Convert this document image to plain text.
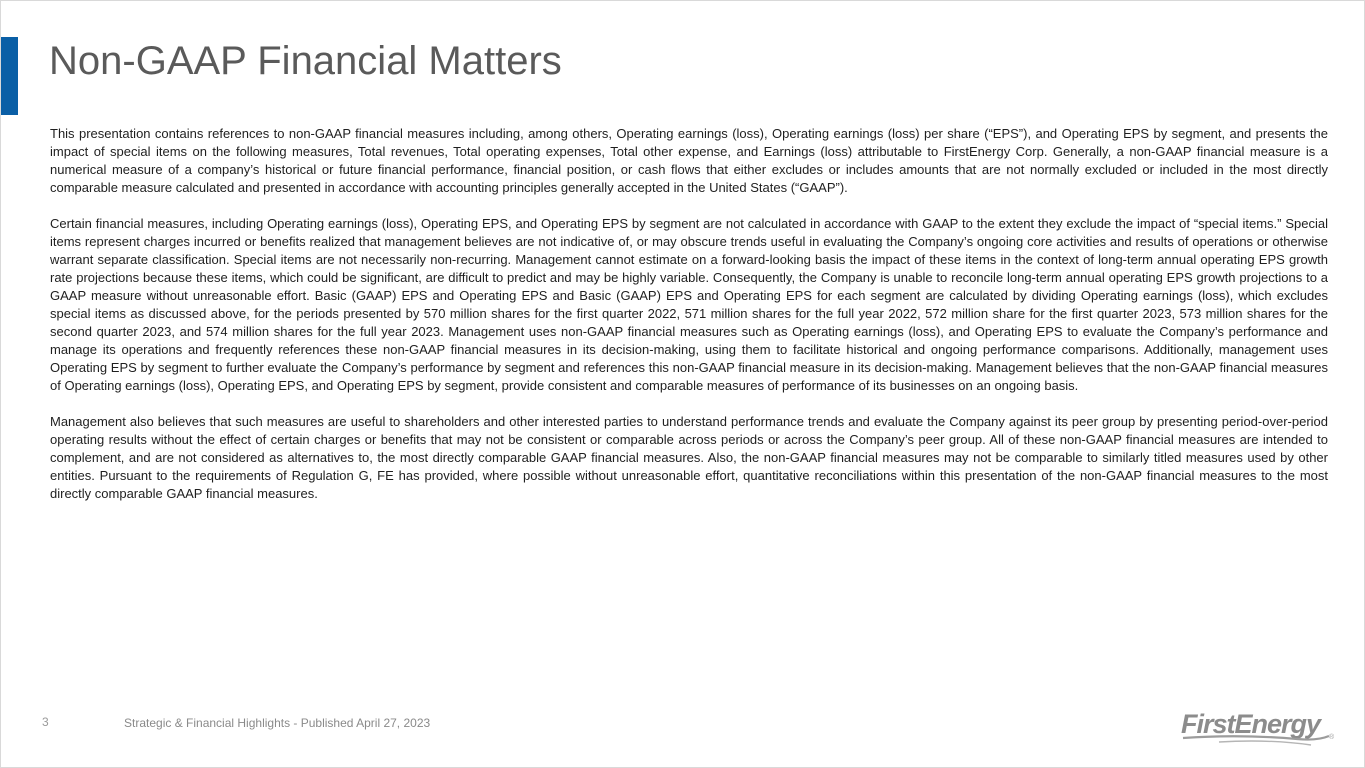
Non-GAAP Financial Matters

This presentation contains references to non-GAAP financial measures including, among others, Operating earnings (loss), Operating earnings (loss) per share (“EPS”), and Operating EPS by segment, and presents the impact of special items on the following measures, Total revenues, Total operating expenses, Total other expense, and Earnings (loss) attributable to FirstEnergy Corp. Generally, a non-GAAP financial measure is a numerical measure of a company’s historical or future financial performance, financial position, or cash flows that either excludes or includes amounts that are not normally excluded or included in the most directly comparable measure calculated and presented in accordance with accounting principles generally accepted in the United States (“GAAP”).

Certain financial measures, including Operating earnings (loss), Operating EPS, and Operating EPS by segment are not calculated in accordance with GAAP to the extent they exclude the impact of “special items.” Special items represent charges incurred or benefits realized that management believes are not indicative of, or may obscure trends useful in evaluating the Company’s ongoing core activities and results of operations or otherwise warrant separate classification. Special items are not necessarily non-recurring. Management cannot estimate on a forward-looking basis the impact of these items in the context of long-term annual operating EPS growth rate projections because these items, which could be significant, are difficult to predict and may be highly variable. Consequently, the Company is unable to reconcile long-term annual operating EPS growth projections to a GAAP measure without unreasonable effort. Basic (GAAP) EPS and Operating EPS and Basic (GAAP) EPS and Operating EPS for each segment are calculated by dividing Operating earnings (loss), which excludes special items as discussed above, for the periods presented by 570 million shares for the first quarter 2022, 571 million shares for the full year 2022, 572 million share for the first quarter 2023, 573 million shares for the second quarter 2023, and 574 million shares for the full year 2023. Management uses non-GAAP financial measures such as Operating earnings (loss), and Operating EPS to evaluate the Company’s performance and manage its operations and frequently references these non-GAAP financial measures in its decision-making, using them to facilitate historical and ongoing performance comparisons. Additionally, management uses Operating EPS by segment to further evaluate the Company’s performance by segment and references this non-GAAP financial measure in its decision-making. Management believes that the non-GAAP financial measures of Operating earnings (loss), Operating EPS, and Operating EPS by segment, provide consistent and comparable measures of performance of its businesses on an ongoing basis.

Management also believes that such measures are useful to shareholders and other interested parties to understand performance trends and evaluate the Company against its peer group by presenting period-over-period operating results without the effect of certain charges or benefits that may not be consistent or comparable across periods or across the Company’s peer group. All of these non-GAAP financial measures are intended to complement, and are not considered as alternatives to, the most directly comparable GAAP financial measures. Also, the non-GAAP financial measures may not be comparable to similarly titled measures used by other entities. Pursuant to the requirements of Regulation G, FE has provided, where possible without unreasonable effort, quantitative reconciliations within this presentation of the non-GAAP financial measures to the most directly comparable GAAP financial measures.

3	Strategic & Financial Highlights - Published April 27, 2023	FirstEnergy	®
